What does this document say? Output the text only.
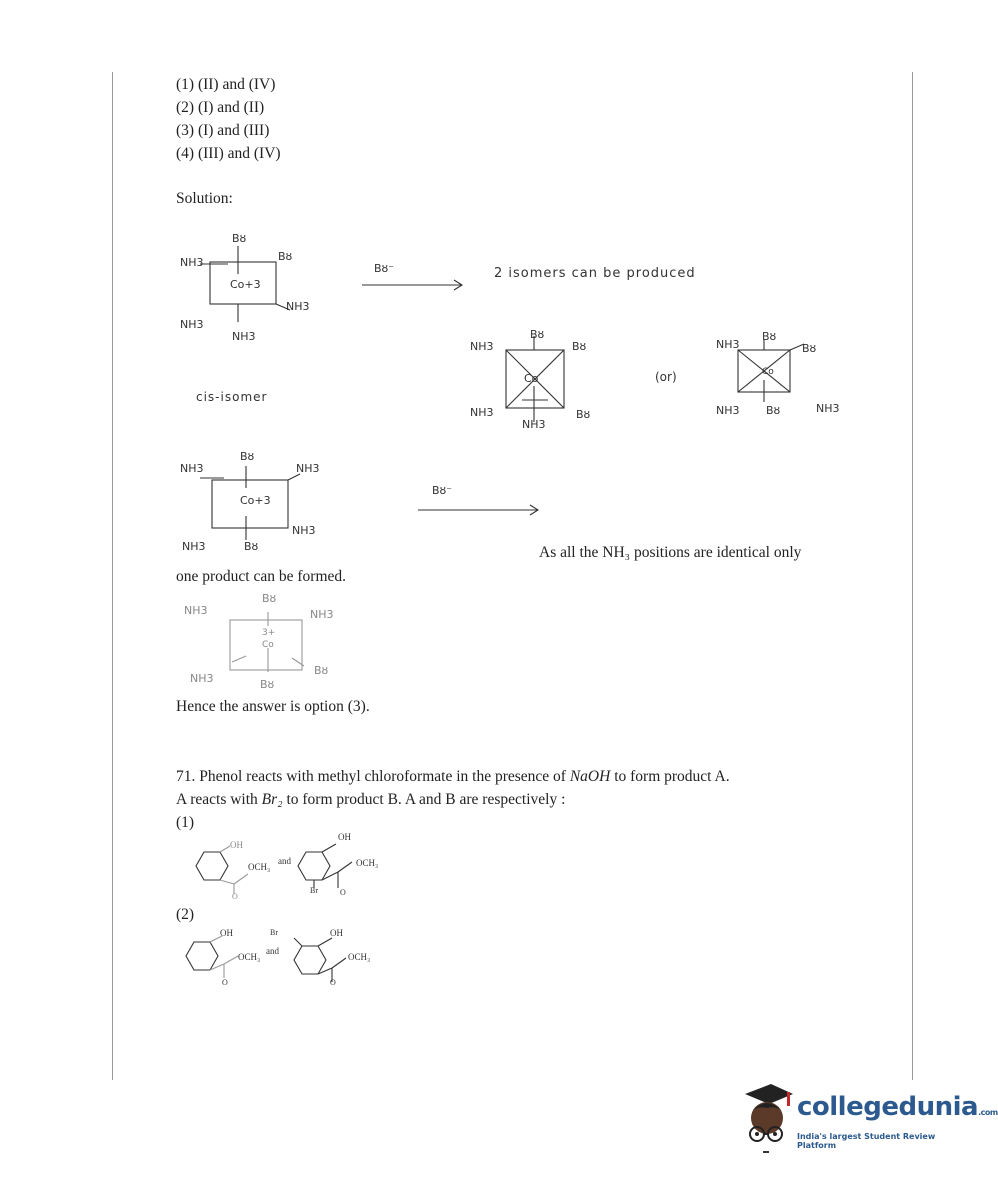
(1) (II) and (IV)
(2) (I) and (II)
(3) (I) and (III)
(4) (III) and (IV)
Solution:
Bȣ
Bȣ
NH3
Co+3
NH3
NH3
NH3
cis-isomer
Bȣ⁻	2 isomers can be produced
Bȣ
Bȣ
NH3
Co
NH3	Bȣ
NH3
(or)
NH3
Bȣ
Bȣ
Co
NH3 Bȣ	NH3
NH3
Bȣ
NH3
Co+3
NH3
NH3	Bȣ
Bȣ⁻
As all the NH₃ positions are identical only
one product can be formed.
NH3
Bȣ
NH3
3+
Co
Bȣ
NH3	Bȣ
Hence the answer is option (3).
71. Phenol reacts with methyl chloroformate in the presence of NaOH to form product A.
A reacts with Br₂ to form product B. A and B are respectively :
(1)
OH
OCH₃
and
O
OH
OCH₃
Br	O
(2)
OH
OCH₃
O
Br
and
OH
OCH₃
O
collegedunia.com
India's largest Student Review Platform
